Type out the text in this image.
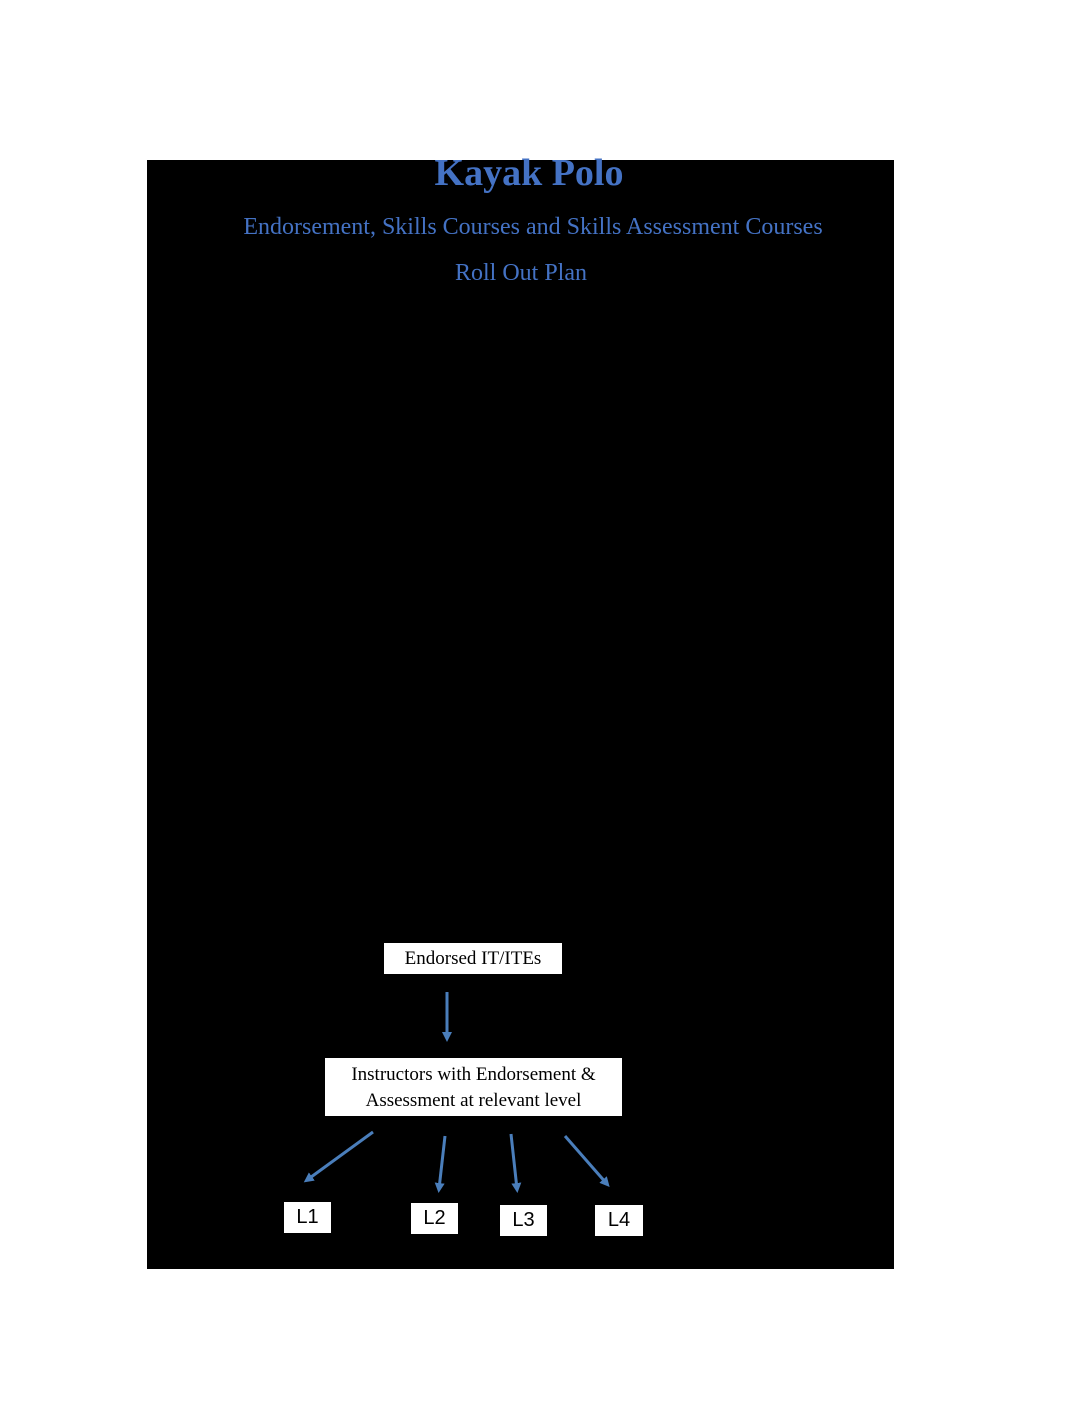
Kayak Polo
Endorsement, Skills Courses and Skills Assessment Courses
Roll Out Plan
Endorsed IT/ITEs
Instructors with Endorsement &
Assessment at relevant level
L1	L2	L3	L4
